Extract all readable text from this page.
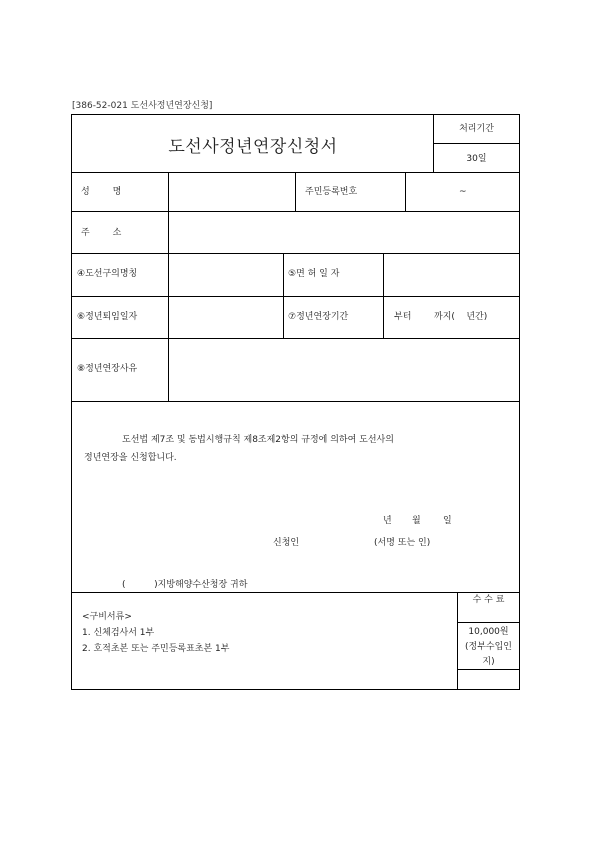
[386-52-021 도선사정년연장신청]
도선사정년연장신청서
처리기간
30일
성        명	주민등록번호	~
주        소
④도선구의명칭	⑤면 허 일 자
⑥정년퇴임일자	⑦정년연장기간	부터	까지(    년간)
⑧정년연장사유
도선법 제7조 및 동법시행규칙 제8조제2항의 규정에 의하여 도선사의
정년연장을 신청합니다.
년 월 일
신청인	(서명 또는 인)
(          )지방해양수산청장 귀하
<구비서류>
1. 신체검사서 1부
2. 호적초본 또는 주민등록표초본 1부
수 수 료
10,000원
(정부수입인
지)
